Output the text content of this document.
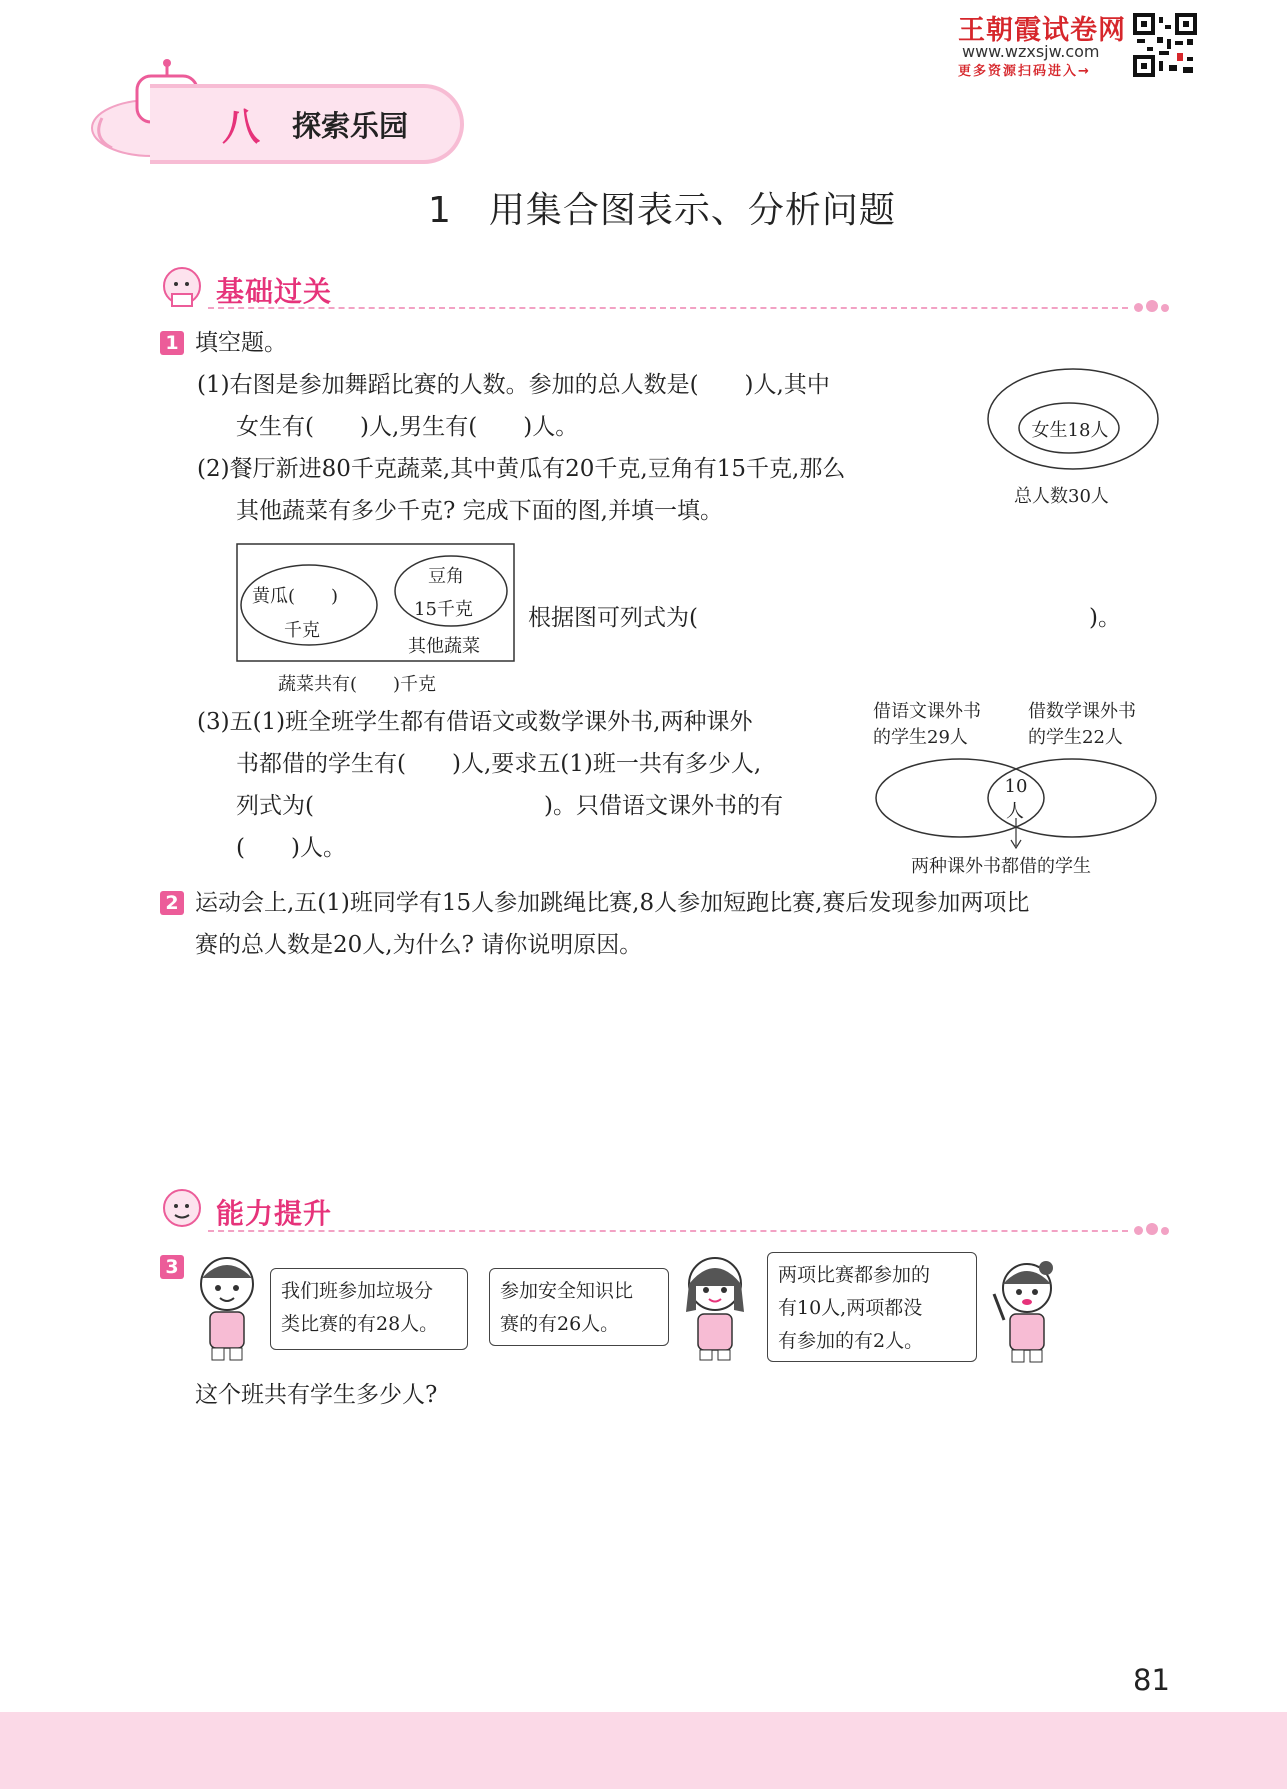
王朝霞试卷网
www.wzxsjw.com
更多资源扫码进入→
八 探索乐园
1　用集合图表示、分析问题
基础过关
1 填空题。
(1)右图是参加舞蹈比赛的人数。参加的总人数是(　　)人,其中
女生有(　　)人,男生有(　　)人。	女生18人
总人数30人
(2)餐厅新进80千克蔬菜,其中黄瓜有20千克,豆角有15千克,那么
其他蔬菜有多少千克? 完成下面的图,并填一填。
黄瓜(　　)
千克
豆角
15千克
其他蔬菜
蔬菜共有(　　)千克
根据图可列式为(　　　　　　　　　　　　　　　　　)。
(3)五(1)班全班学生都有借语文或数学课外书,两种课外
书都借的学生有(　　)人,要求五(1)班一共有多少人,
列式为(　　　　　　　　　　)。只借语文课外书的有
(　　)人。
借语文课外书
的学生29人
借数学课外书
的学生22人
10
人
两种课外书都借的学生
2 运动会上,五(1)班同学有15人参加跳绳比赛,8人参加短跑比赛,赛后发现参加两项比
赛的总人数是20人,为什么? 请你说明原因。
能力提升
3
我们班参加垃圾分
类比赛的有28人。
参加安全知识比
赛的有26人。
两项比赛都参加的
有10人,两项都没
有参加的有2人。
这个班共有学生多少人?
81
